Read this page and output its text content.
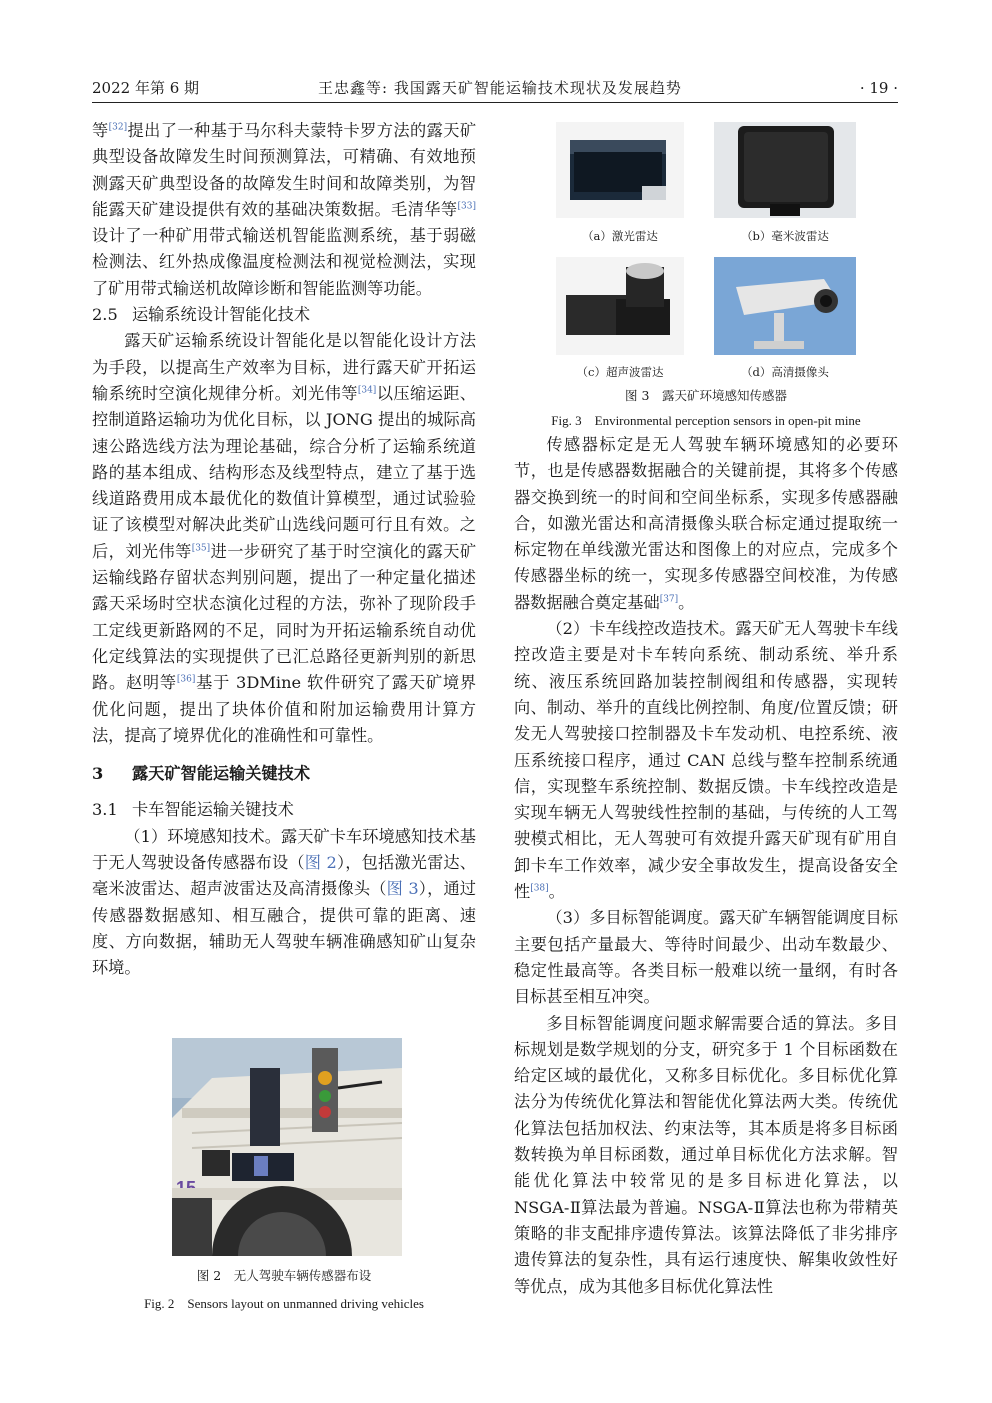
2022 年第 6 期	王忠鑫等: 我国露天矿智能运输技术现状及发展趋势	· 19 ·

等[32]提出了一种基于马尔科夫蒙特卡罗方法的露天矿典型设备故障发生时间预测算法，可精确、有效地预测露天矿典型设备的故障发生时间和故障类别，为智能露天矿建设提供有效的基础决策数据。毛清华等[33]设计了一种矿用带式输送机智能监测系统，基于弱磁检测法、红外热成像温度检测法和视觉检测法，实现了矿用带式输送机故障诊断和智能监测等功能。

2.5 运输系统设计智能化技术

露天矿运输系统设计智能化是以智能化设计方法为手段，以提高生产效率为目标，进行露天矿开拓运输系统时空演化规律分析。刘光伟等[34]以压缩运距、控制道路运输功为优化目标，以 JONG 提出的城际高速公路选线方法为理论基础，综合分析了运输系统道路的基本组成、结构形态及线型特点，建立了基于选线道路费用成本最优化的数值计算模型，通过试验验证了该模型对解决此类矿山选线问题可行且有效。之后，刘光伟等[35]进一步研究了基于时空演化的露天矿运输线路存留状态判别问题，提出了一种定量化描述露天采场时空状态演化过程的方法，弥补了现阶段手工定线更新路网的不足，同时为开拓运输系统自动优化定线算法的实现提供了已汇总路径更新判别的新思路。赵明等[36]基于 3DMine 软件研究了露天矿境界优化问题，提出了块体价值和附加运输费用计算方法，提高了境界优化的准确性和可靠性。

3 露天矿智能运输关键技术

3.1 卡车智能运输关键技术

（1）环境感知技术。露天矿卡车环境感知技术基于无人驾驶设备传感器布设（图 2），包括激光雷达、毫米波雷达、超声波雷达及高清摄像头（图 3），通过传感器数据感知、相互融合，提供可靠的距离、速度、方向数据，辅助无人驾驶车辆准确感知矿山复杂环境。

图 2　无人驾驶车辆传感器布设
Fig. 2　Sensors layout on unmanned driving vehicles
（a）激光雷达	（b）毫米波雷达
（c）超声波雷达	（d）高清摄像头
图 3　露天矿环境感知传感器
Fig. 3　Environmental perception sensors in open-pit mine

传感器标定是无人驾驶车辆环境感知的必要环节，也是传感器数据融合的关键前提，其将多个传感器交换到统一的时间和空间坐标系，实现多传感器融合，如激光雷达和高清摄像头联合标定通过提取统一标定物在单线激光雷达和图像上的对应点，完成多个传感器坐标的统一，实现多传感器空间校准，为传感器数据融合奠定基础[37]。

（2）卡车线控改造技术。露天矿无人驾驶卡车线控改造主要是对卡车转向系统、制动系统、举升系统、液压系统回路加装控制阀组和传感器，实现转向、制动、举升的直线比例控制、角度/位置反馈；研发无人驾驶接口控制器及卡车发动机、电控系统、液压系统接口程序，通过 CAN 总线与整车控制系统通信，实现整车系统控制、数据反馈。卡车线控改造是实现车辆无人驾驶线性控制的基础，与传统的人工驾驶模式相比，无人驾驶可有效提升露天矿现有矿用自卸卡车工作效率，减少安全事故发生，提高设备安全性[38]。

（3）多目标智能调度。露天矿车辆智能调度目标主要包括产量最大、等待时间最少、出动车数最少、稳定性最高等。各类目标一般难以统一量纲，有时各目标甚至相互冲突。

多目标智能调度问题求解需要合适的算法。多目标规划是数学规划的分支，研究多于 1 个目标函数在给定区域的最优化，又称多目标优化。多目标优化算法分为传统优化算法和智能优化算法两大类。传统优化算法包括加权法、约束法等，其本质是将多目标函数转换为单目标函数，通过单目标优化方法求解。智能优化算法中较常见的是多目标进化算法，以 NSGA-Ⅱ算法最为普遍。NSGA-Ⅱ算法也称为带精英策略的非支配排序遗传算法。该算法降低了非劣排序遗传算法的复杂性，具有运行速度快、解集收敛性好等优点，成为其他多目标优化算法性
